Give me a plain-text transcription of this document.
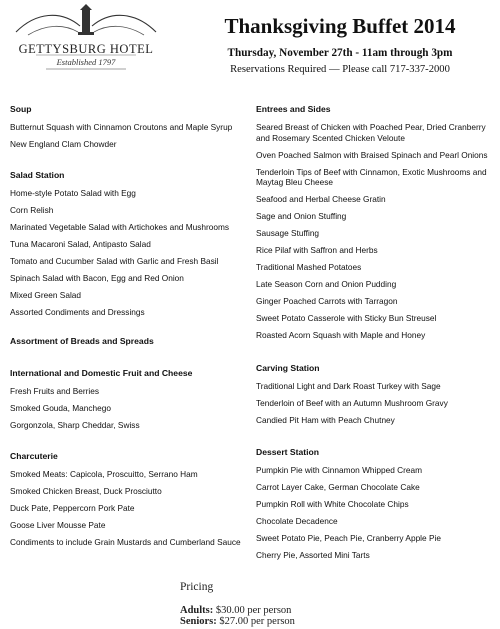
GETTYSBURG HOTEL
Established 1797
Thanksgiving Buffet 2014
Thursday, November 27th - 11am through 3pm
Reservations Required — Please call 717-337-2000
Soup
Butternut Squash with Cinnamon Croutons and Maple Syrup
New England Clam Chowder
Salad Station
Home-style Potato Salad with Egg
Corn Relish
Marinated Vegetable Salad with Artichokes and Mushrooms
Tuna Macaroni Salad, Antipasto Salad
Tomato and Cucumber Salad with Garlic and Fresh Basil
Spinach Salad with Bacon, Egg and Red Onion
Mixed Green Salad
Assorted Condiments and Dressings
Assortment of Breads and Spreads
International and Domestic Fruit and Cheese
Fresh Fruits and Berries
Smoked Gouda, Manchego
Gorgonzola, Sharp Cheddar, Swiss
Charcuterie
Smoked Meats: Capicola, Proscuitto, Serrano Ham
Smoked Chicken Breast, Duck Prosciutto
Duck Pate, Peppercorn Pork Pate
Goose Liver Mousse Pate
Condiments to include Grain Mustards and Cumberland Sauce
Entrees and Sides
Seared Breast of Chicken with Poached Pear, Dried Cranberry and Rosemary Scented Chicken Veloute
Oven Poached Salmon with Braised Spinach and Pearl Onions
Tenderloin Tips of Beef with Cinnamon, Exotic Mushrooms and Maytag Bleu Cheese
Seafood and Herbal Cheese Gratin
Sage and Onion Stuffing
Sausage Stuffing
Rice Pilaf with Saffron and Herbs
Traditional Mashed Potatoes
Late Season Corn and Onion Pudding
Ginger Poached Carrots with Tarragon
Sweet Potato Casserole with Sticky Bun Streusel
Roasted Acorn Squash with Maple and Honey
Carving Station
Traditional Light and Dark Roast Turkey with Sage
Tenderloin of Beef with an Autumn Mushroom Gravy
Candied Pit Ham with Peach Chutney
Dessert Station
Pumpkin Pie with Cinnamon Whipped Cream
Carrot Layer Cake, German Chocolate Cake
Pumpkin Roll with White Chocolate Chips
Chocolate Decadence
Sweet Potato Pie, Peach Pie, Cranberry Apple Pie
Cherry Pie, Assorted Mini Tarts
Pricing
Adults: $30.00 per person
Seniors: $27.00 per person
